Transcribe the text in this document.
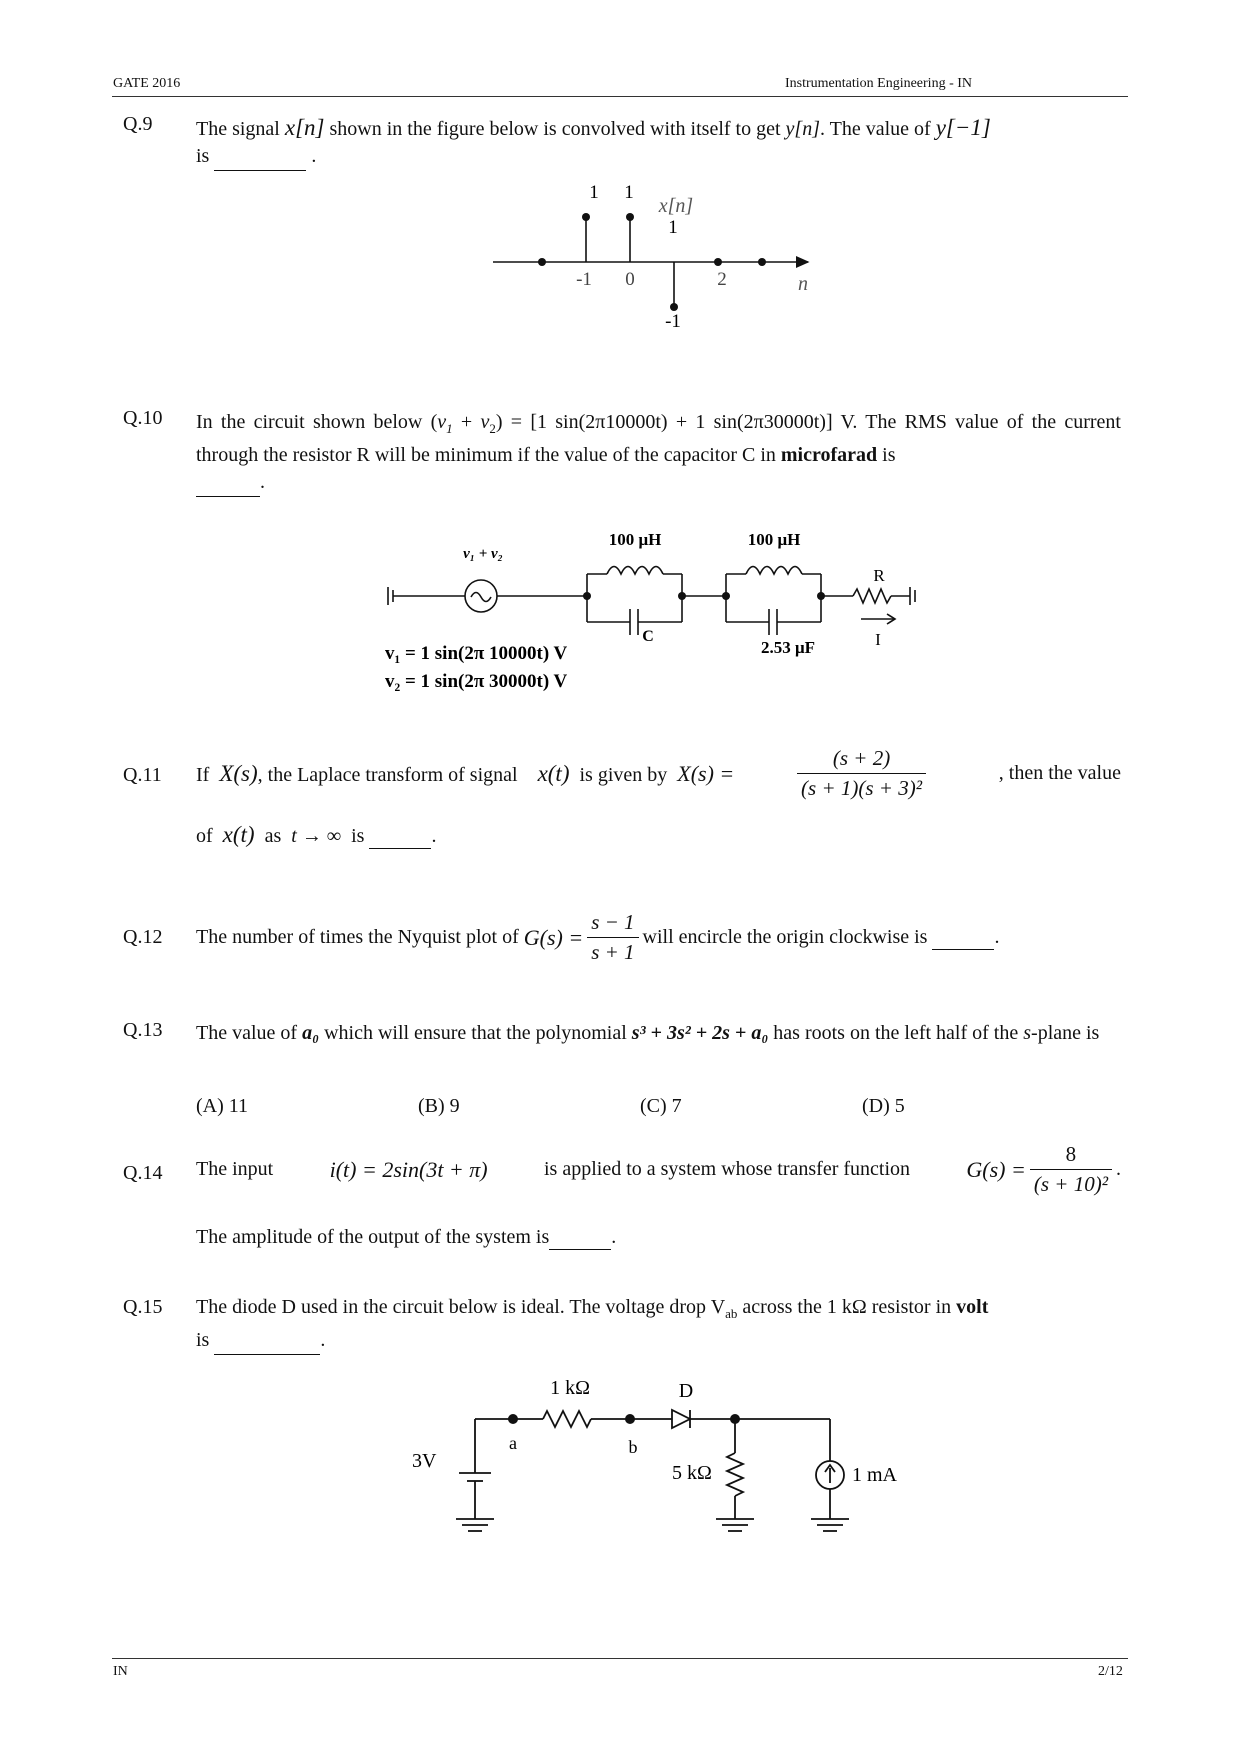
GATE 2016	Instrumentation Engineering - IN
Q.9 The signal x[n] shown in the figure below is convolved with itself to get y[n]. The value of y[−1]
is	.
1 1
1
-1
x[n]
-1 0	2	n
Q.10 In the circuit shown below $(v_1 + v_2) = [1$ sin(2π10000t) + 1 sin(2π30000t)] V. The RMS value of the current through the resistor R will be minimum if the value of the capacitor C in microfarad is
.
v₁ + v₂
100 μH	100 μH
C
2.53 μF
R
I
v₁ = 1 sin(2π 10000t) V
v₂ = 1 sin(2π 30000t) V
Q.11 If X(s), the Laplace transform of signal x(t) is given by X(s) =	$\frac{(s + 2)}{\text{(s + 1)(s + 3)²}}$	, then the value
of x(t) as t → ∞ is	.
Q.12 The number of times the Nyquist plot of
$G(s) = \frac{s - 1}{s + 1}$ will encircle the origin clockwise is

	.
Q.13 The value of a₀ which will ensure that the polynomial s³ + 3s² + 2s + a₀ has roots on the left half of the s-plane is
(A) 11	(B) 9	(C) 7	(D) 5
Q.14 The input	i(t) = 2sin(3t + π)	is applied to a system whose transfer function	$G(s) = \frac{8}{\text{(s + 10)²}}$ .
The amplitude of the output of the system is	.
Q.15 The diode D used in the circuit below is ideal. The voltage drop $V_{ab}$ across the 1 kΩ resistor in volt
is	.
1 kΩ	D
a	b
3V
5 kΩ	1 mA
IN	2/12
